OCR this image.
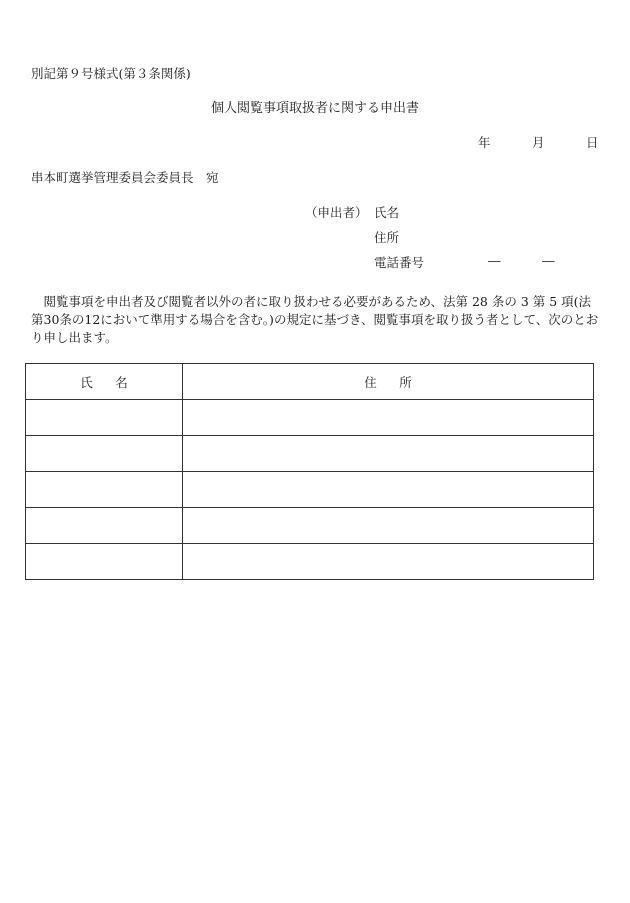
別記第９号様式(第３条関係)
個人閲覧事項取扱者に関する申出書
年	月	日
串本町選挙管理委員会委員長　宛
（申出者） 氏名
住所
電話番号	―	―
閲覧事項を申出者及び閲覧者以外の者に取り扱わせる必要があるため、法第 28 条の 3 第 5 項(法第30条の12において準用する場合を含む。)の規定に基づき、閲覧事項を取り扱う者として、次のとおり申し出ます。
氏名	住所
